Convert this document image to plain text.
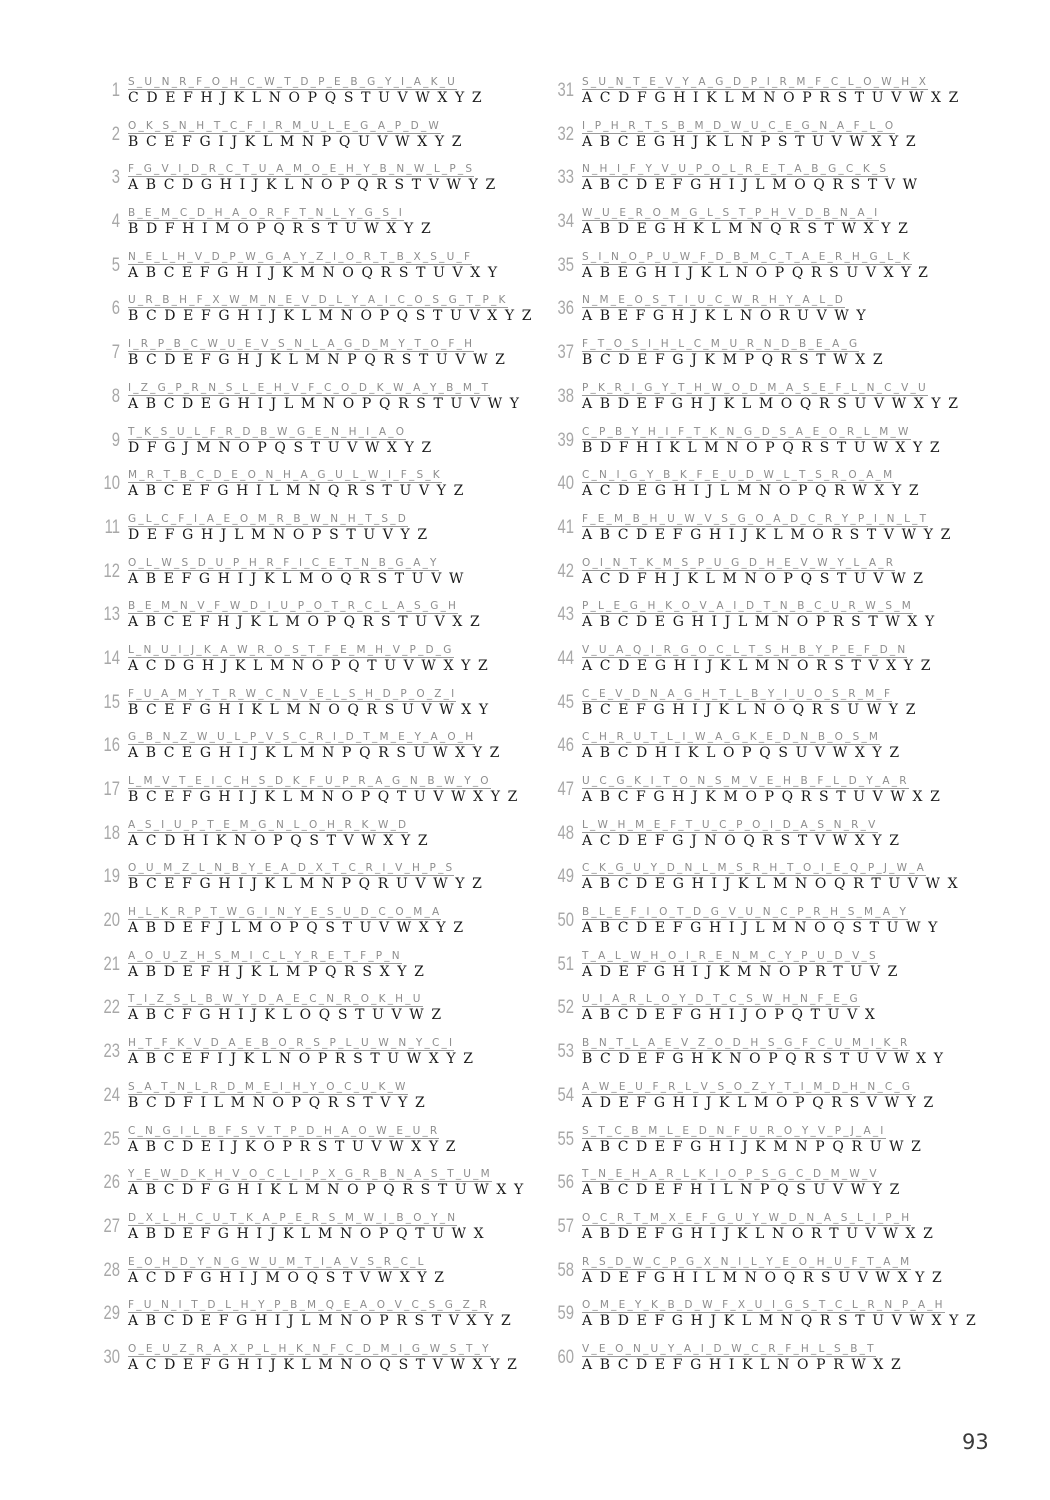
1 S_U_N_R_F_O_H_C_W_T_D_P_E_B_G_Y_I_A_K_U
C D E F H J K L N O P Q S T U V W X Y Z
2 O_K_S_N_H_T_C_F_I_R_M_U_L_E_G_A_P_D_W
B C E F G I J K L M N P Q U V W X Y Z
3 F_G_V_I_D_R_C_T_U_A_M_O_E_H_Y_B_N_W_L_P_S
A B C D G H I J K L N O P Q R S T V W Y Z
4 B_E_M_C_D_H_A_O_R_F_T_N_L_Y_G_S_I
B D F H I M O P Q R S T U W X Y Z
5 N_E_L_H_V_D_P_W_G_A_Y_Z_I_O_R_T_B_X_S_U_F
A B C E F G H I J K M N O Q R S T U V X Y
6 U_R_B_H_F_X_W_M_N_E_V_D_L_Y_A_I_C_O_S_G_T_P_K
B C D E F G H I J K L M N O P Q S T U V X Y Z
7 I_R_P_B_C_W_U_E_V_S_N_L_A_G_D_M_Y_T_O_F_H
B C D E F G H J K L M N P Q R S T U V W Z
8 I_Z_G_P_R_N_S_L_E_H_V_F_C_O_D_K_W_A_Y_B_M_T
A B C D E G H I J L M N O P Q R S T U V W Y
9 T_K_S_U_L_F_R_D_B_W_G_E_N_H_I_A_O
D F G J M N O P Q S T U V W X Y Z
10 M_R_T_B_C_D_E_O_N_H_A_G_U_L_W_I_F_S_K
A B C E F G H I L M N Q R S T U V Y Z
11 G_L_C_F_I_A_E_O_M_R_B_W_N_H_T_S_D
D E F G H J L M N O P S T U V Y Z
12 O_L_W_S_D_U_P_H_R_F_I_C_E_T_N_B_G_A_Y
A B E F G H I J K L M O Q R S T U V W
13 B_E_M_N_V_F_W_D_I_U_P_O_T_R_C_L_A_S_G_H
A B C E F H J K L M O P Q R S T U V X Z
14 L_N_U_I_J_K_A_W_R_O_S_T_F_E_M_H_V_P_D_G
A C D G H J K L M N O P Q T U V W X Y Z
15 F_U_A_M_Y_T_R_W_C_N_V_E_L_S_H_D_P_O_Z_I
B C E F G H I K L M N O Q R S U V W X Y
16 G_B_N_Z_W_U_L_P_V_S_C_R_I_D_T_M_E_Y_A_O_H
A B C E G H I J K L M N P Q R S U W X Y Z
17 L_M_V_T_E_I_C_H_S_D_K_F_U_P_R_A_G_N_B_W_Y_O
B C E F G H I J K L M N O P Q T U V W X Y Z
18 A_S_I_U_P_T_E_M_G_N_L_O_H_R_K_W_D
A C D H I K N O P Q S T V W X Y Z
19 O_U_M_Z_L_N_B_Y_E_A_D_X_T_C_R_I_V_H_P_S
B C E F G H I J K L M N P Q R U V W Y Z
20 H_L_K_R_P_T_W_G_I_N_Y_E_S_U_D_C_O_M_A
A B D E F J L M O P Q S T U V W X Y Z
21 A_O_U_Z_H_S_M_I_C_L_Y_R_E_T_F_P_N
A B D E F H J K L M P Q R S X Y Z
22 T_I_Z_S_L_B_W_Y_D_A_E_C_N_R_O_K_H_U
A B C F G H I J K L O Q S T U V W Z
23 H_T_F_K_V_D_A_E_B_O_R_S_P_L_U_W_N_Y_C_I
A B C E F I J K L N O P R S T U W X Y Z
24 S_A_T_N_L_R_D_M_E_I_H_Y_O_C_U_K_W
B C D F I L M N O P Q R S T V Y Z
25 C_N_G_I_L_B_F_S_V_T_P_D_H_A_O_W_E_U_R
A B C D E I J K O P R S T U V W X Y Z
26 Y_E_W_D_K_H_V_O_C_L_I_P_X_G_R_B_N_A_S_T_U_M
A B C D F G H I K L M N O P Q R S T U W X Y
27 D_X_L_H_C_U_T_K_A_P_E_R_S_M_W_I_B_O_Y_N
A B D E F G H I J K L M N O P Q T U W X
28 E_O_H_D_Y_N_G_W_U_M_T_I_A_V_S_R_C_L
A C D F G H I J M O Q S T V W X Y Z
29 F_U_N_I_T_D_L_H_Y_P_B_M_Q_E_A_O_V_C_S_G_Z_R
A B C D E F G H I J L M N O P R S T V X Y Z
30 O_E_U_Z_R_A_X_P_L_H_K_N_F_C_D_M_I_G_W_S_T_Y
A C D E F G H I J K L M N O Q S T V W X Y Z
31 S_U_N_T_E_V_Y_A_G_D_P_I_R_M_F_C_L_O_W_H_X
A C D F G H I K L M N O P R S T U V W X Z
32 I_P_H_R_T_S_B_M_D_W_U_C_E_G_N_A_F_L_O
A B C E G H J K L N P S T U V W X Y Z
33 N_H_I_F_Y_V_U_P_O_L_R_E_T_A_B_G_C_K_S
A B C D E F G H I J L M O Q R S T V W
34 W_U_E_R_O_M_G_L_S_T_P_H_V_D_B_N_A_I
A B D E G H K L M N Q R S T W X Y Z
35 S_I_N_O_P_U_W_F_D_B_M_C_T_A_E_R_H_G_L_K
A B E G H I J K L N O P Q R S U V X Y Z
36 N_M_E_O_S_T_I_U_C_W_R_H_Y_A_L_D
A B E F G H J K L N O R U V W Y
37 F_T_O_S_I_H_L_C_M_U_R_N_D_B_E_A_G
B C D E F G J K M P Q R S T W X Z
38 P_K_R_I_G_Y_T_H_W_O_D_M_A_S_E_F_L_N_C_V_U
A B D E F G H J K L M O Q R S U V W X Y Z
39 C_P_B_Y_H_I_F_T_K_N_G_D_S_A_E_O_R_L_M_W
B D F H I K L M N O P Q R S T U W X Y Z
40 C_N_I_G_Y_B_K_F_E_U_D_W_L_T_S_R_O_A_M
A C D E G H I J L M N O P Q R W X Y Z
41 F_E_M_B_H_U_W_V_S_G_O_A_D_C_R_Y_P_I_N_L_T
A B C D E F G H I J K L M O R S T V W Y Z
42 O_I_N_T_K_M_S_P_U_G_D_H_E_V_W_Y_L_A_R
A C D F H J K L M N O P Q S T U V W Z
43 P_L_E_G_H_K_O_V_A_I_D_T_N_B_C_U_R_W_S_M
A B C D E G H I J L M N O P R S T W X Y
44 V_U_A_Q_I_R_G_O_C_L_T_S_H_B_Y_P_E_F_D_N
A C D E G H I J K L M N O R S T V X Y Z
45 C_E_V_D_N_A_G_H_T_L_B_Y_I_U_O_S_R_M_F
B C E F G H I J K L N O Q R S U W Y Z
46 C_H_R_U_T_L_I_W_A_G_K_E_D_N_B_O_S_M
A B C D H I K L O P Q S U V W X Y Z
47 U_C_G_K_I_T_O_N_S_M_V_E_H_B_F_L_D_Y_A_R
A B C F G H J K M O P Q R S T U V W X Z
48 L_W_H_M_E_F_T_U_C_P_O_I_D_A_S_N_R_V
A C D E F G J N O Q R S T V W X Y Z
49 C_K_G_U_Y_D_N_L_M_S_R_H_T_O_I_E_Q_P_J_W_A
A B C D E G H I J K L M N O Q R T U V W X
50 B_L_E_F_I_O_T_D_G_V_U_N_C_P_R_H_S_M_A_Y
A B C D E F G H I J L M N O Q S T U W Y
51 T_A_L_W_H_O_I_R_E_N_M_C_Y_P_U_D_V_S
A D E F G H I J K M N O P R T U V Z
52 U_I_A_R_L_O_Y_D_T_C_S_W_H_N_F_E_G
A B C D E F G H I J O P Q T U V X
53 B_N_T_L_A_E_V_Z_O_D_H_S_G_F_C_U_M_I_K_R
B C D E F G H K N O P Q R S T U V W X Y
54 A_W_E_U_F_R_L_V_S_O_Z_Y_T_I_M_D_H_N_C_G
A D E F G H I J K L M O P Q R S V W Y Z
55 S_T_C_B_M_L_E_D_N_F_U_R_O_Y_V_P_J_A_I
A B C D E F G H I J K M N P Q R U W Z
56 T_N_E_H_A_R_L_K_I_O_P_S_G_C_D_M_W_V
A B C D E F H I L N P Q S U V W Y Z
57 O_C_R_T_M_X_E_F_G_U_Y_W_D_N_A_S_L_I_P_H
A B D E F G H I J K L N O R T U V W X Z
58 R_S_D_W_C_P_G_X_N_I_L_Y_E_O_H_U_F_T_A_M
A D E F G H I L M N O Q R S U V W X Y Z
59 O_M_E_Y_K_B_D_W_F_X_U_I_G_S_T_C_L_R_N_P_A_H
A B D E F G H J K L M N Q R S T U V W X Y Z
60 V_E_O_N_U_Y_A_I_D_W_C_R_F_H_L_S_B_T
A B C D E F G H I K L N O P R W X Z
93
